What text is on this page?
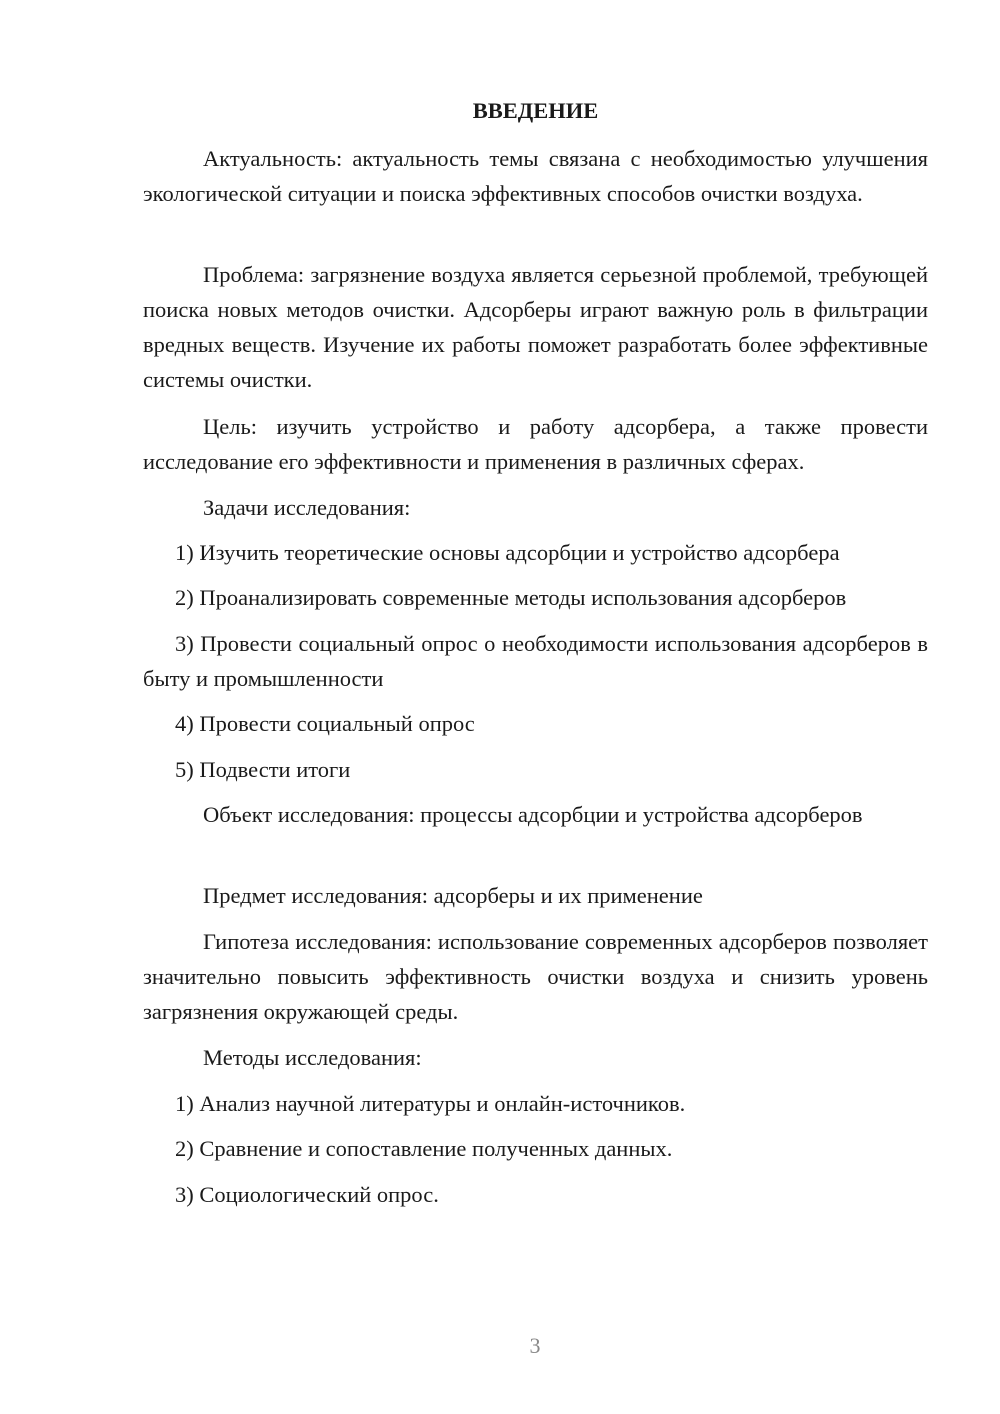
ВВЕДЕНИЕ

Актуальность: актуальность темы связана с необходимостью улучшения экологической ситуации и поиска эффективных способов очистки воздуха.

Проблема: загрязнение воздуха является серьезной проблемой, требующей поиска новых методов очистки. Адсорберы играют важную роль в фильтрации вредных веществ. Изучение их работы поможет разработать более эффективные системы очистки.

Цель: изучить устройство и работу адсорбера, а также провести исследование его эффективности и применения в различных сферах.

Задачи исследования:

1) Изучить теоретические основы адсорбции и устройство адсорбера

2) Проанализировать современные методы использования адсорберов

3) Провести социальный опрос о необходимости использования адсорберов в быту и промышленности

4) Провести социальный опрос

5) Подвести итоги

Объект исследования: процессы адсорбции и устройства адсорберов

Предмет исследования: адсорберы и их применение

Гипотеза исследования: использование современных адсорберов позволяет значительно повысить эффективность очистки воздуха и снизить уровень загрязнения окружающей среды.

Методы исследования:

1) Анализ научной литературы и онлайн-источников.

2) Сравнение и сопоставление полученных данных.

3) Социологический опрос.

3
